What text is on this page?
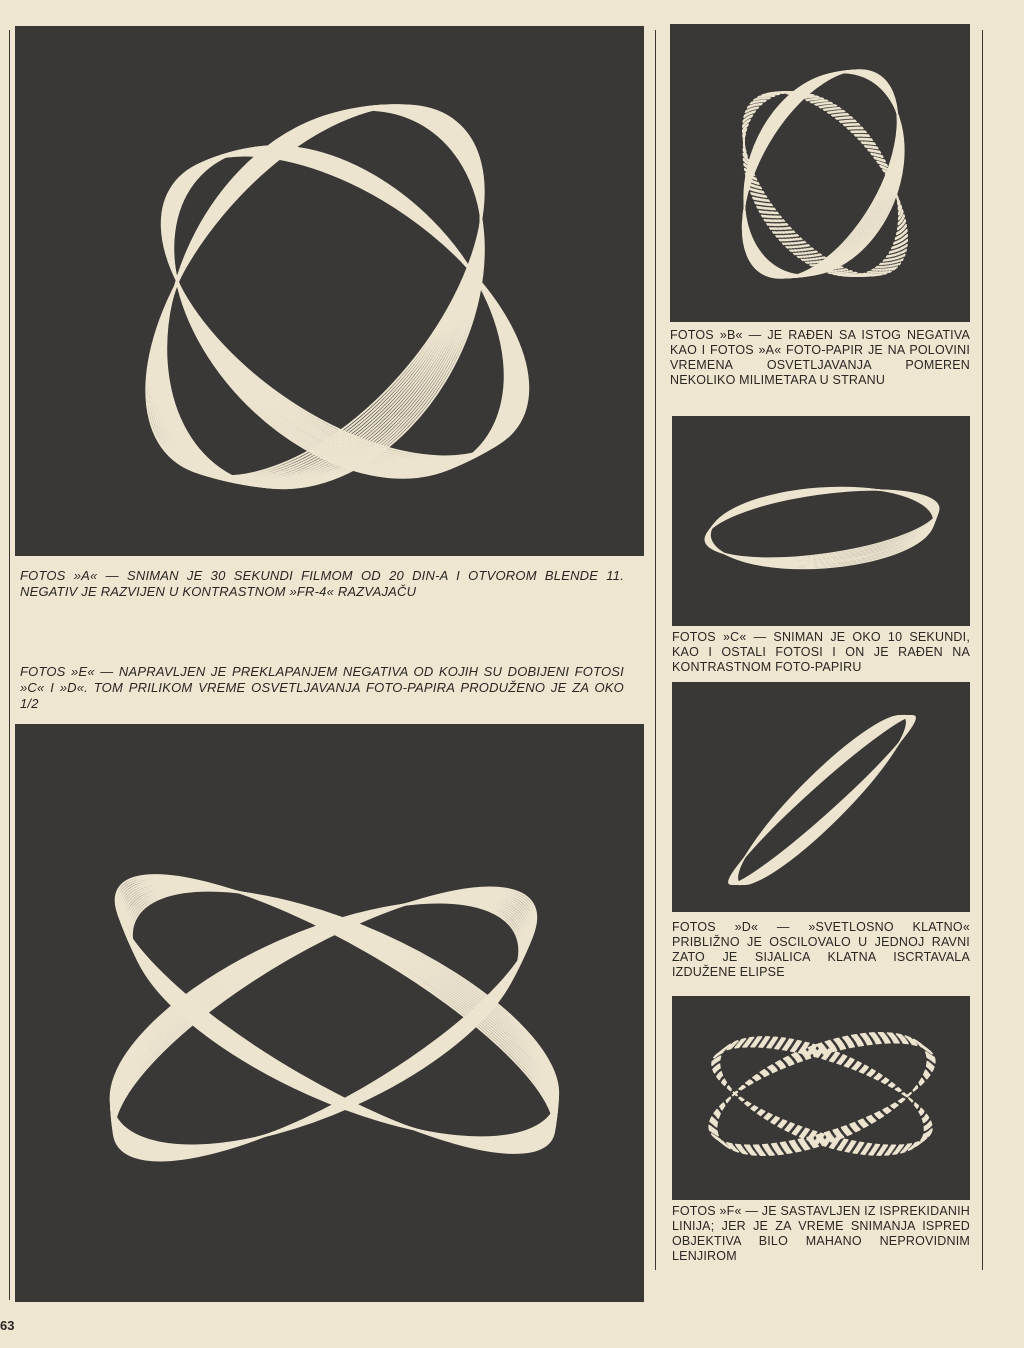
FOTOS »A« — SNIMAN JE 30 SEKUNDI FILMOM OD 20 DIN-A I OTVOROM BLENDE 11. NEGATIV JE RAZVIJEN U KONTRASTNOM »FR-4« RAZVAJAČU

FOTOS »E« — NAPRAVLJEN JE PREKLAPANJEM NEGATIVA OD KOJIH SU DOBIJENI FOTOSI »C« I »D«. TOM PRILIKOM VREME OSVETLJAVANJA FOTO-PAPIRA PRODUŽENO JE ZA OKO 1/2

FOTOS »B« — JE RAĐEN SA ISTOG NEGATIVA KAO I FOTOS »A« FOTO-PAPIR JE NA POLOVINI VREMENA OSVETLJAVANJA POMEREN NEKOLIKO MILIMETARA U STRANU

FOTOS »C« — SNIMAN JE OKO 10 SEKUNDI, KAO I OSTALI FOTOSI I ON JE RAĐEN NA KONTRASTNOM FOTO-PAPIRU

FOTOS »D« — »SVETLOSNO KLATNO« PRIBLIŽNO JE OSCILOVALO U JEDNOJ RAVNI ZATO JE SIJALICA KLATNA ISCRTAVALA IZDUŽENE ELIPSE

FOTOS »F« — JE SASTAVLJEN IZ ISPREKIDANIH LINIJA; JER JE ZA VREME SNIMANJA ISPRED OBJEKTIVA BILO MAHANO NEPROVIDNIM LENJIROM

63
